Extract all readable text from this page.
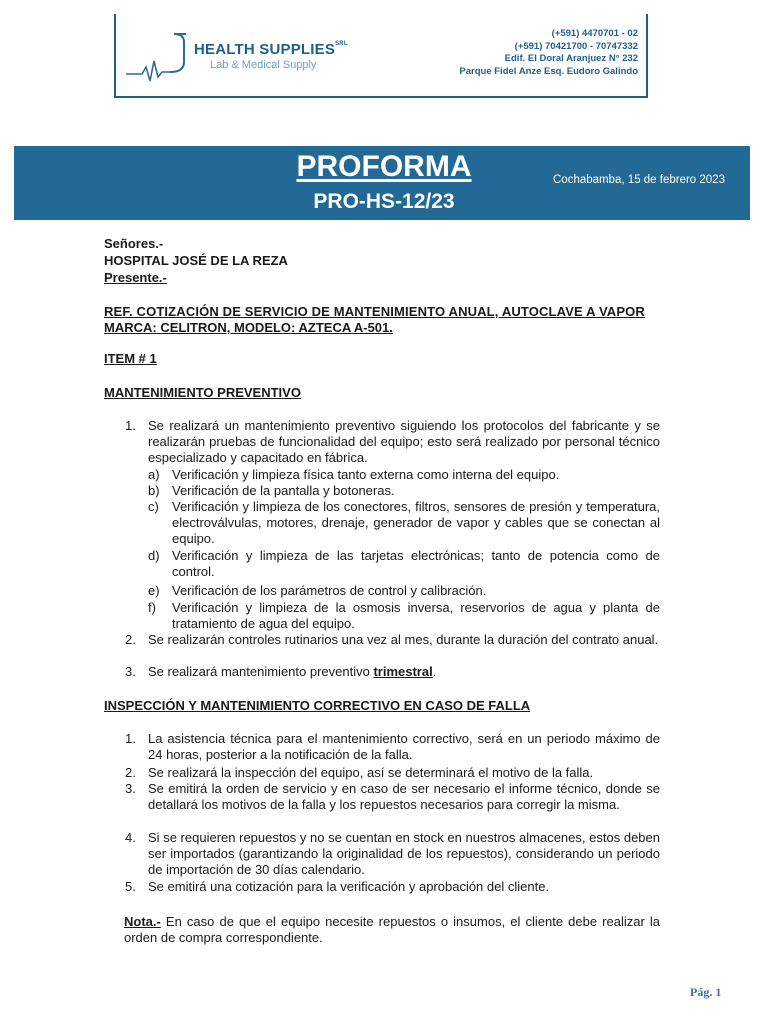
HEALTH $SUPPLIES^{SRL}$
Lab & Medical Supply
(+591) 4470701 - 02
(+591) 70421700 - 70747332
Edif. El Doral Aranjuez N° 232
Parque Fidel Anze Esq. Eudoro Galindo
PROFORMA
PRO-HS-12/23
Cochabamba, 15 de febrero 2023
Señores.-
HOSPITAL JOSÉ DE LA REZA
Presente.-
REF. COTIZACIÓN DE SERVICIO DE MANTENIMIENTO ANUAL, AUTOCLAVE A VAPOR
MARCA: CELITRON, MODELO: AZTECA A-501.
ITEM # 1
MANTENIMIENTO PREVENTIVO
1. Se realizará un mantenimiento preventivo siguiendo los protocolos del fabricante y se realizarán pruebas de funcionalidad del equipo; esto será realizado por personal técnico especializado y capacitado en fábrica.
a) Verificación y limpieza física tanto externa como interna del equipo.
b) Verificación de la pantalla y botoneras.
c) Verificación y limpieza de los conectores, filtros, sensores de presión y temperatura, electroválvulas, motores, drenaje, generador de vapor y cables que se conectan al equipo.
d) Verificación y limpieza de las tarjetas electrónicas; tanto de potencia como de control.
e) Verificación de los parámetros de control y calibración.
f) Verificación y limpieza de la osmosis inversa, reservorios de agua y planta de tratamiento de agua del equipo.
2. Se realizarán controles rutinarios una vez al mes, durante la duración del contrato anual.
3. Se realizará mantenimiento preventivo trimestral.
INSPECCIÓN Y MANTENIMIENTO CORRECTIVO EN CASO DE FALLA
1. La asistencia técnica para el mantenimiento correctivo, será en un periodo máximo de 24 horas, posterior a la notificación de la falla.
2. Se realizará la inspección del equipo, así se determinará el motivo de la falla.
3. Se emitirá la orden de servicio y en caso de ser necesario el informe técnico, donde se detallará los motivos de la falla y los repuestos necesarios para corregir la misma.
4. Si se requieren repuestos y no se cuentan en stock en nuestros almacenes, estos deben ser importados (garantizando la originalidad de los repuestos), considerando un periodo de importación de 30 días calendario.
5. Se emitirá una cotización para la verificación y aprobación del cliente.
Nota.- En caso de que el equipo necesite repuestos o insumos, el cliente debe realizar la orden de compra correspondiente.
Pág. 1
